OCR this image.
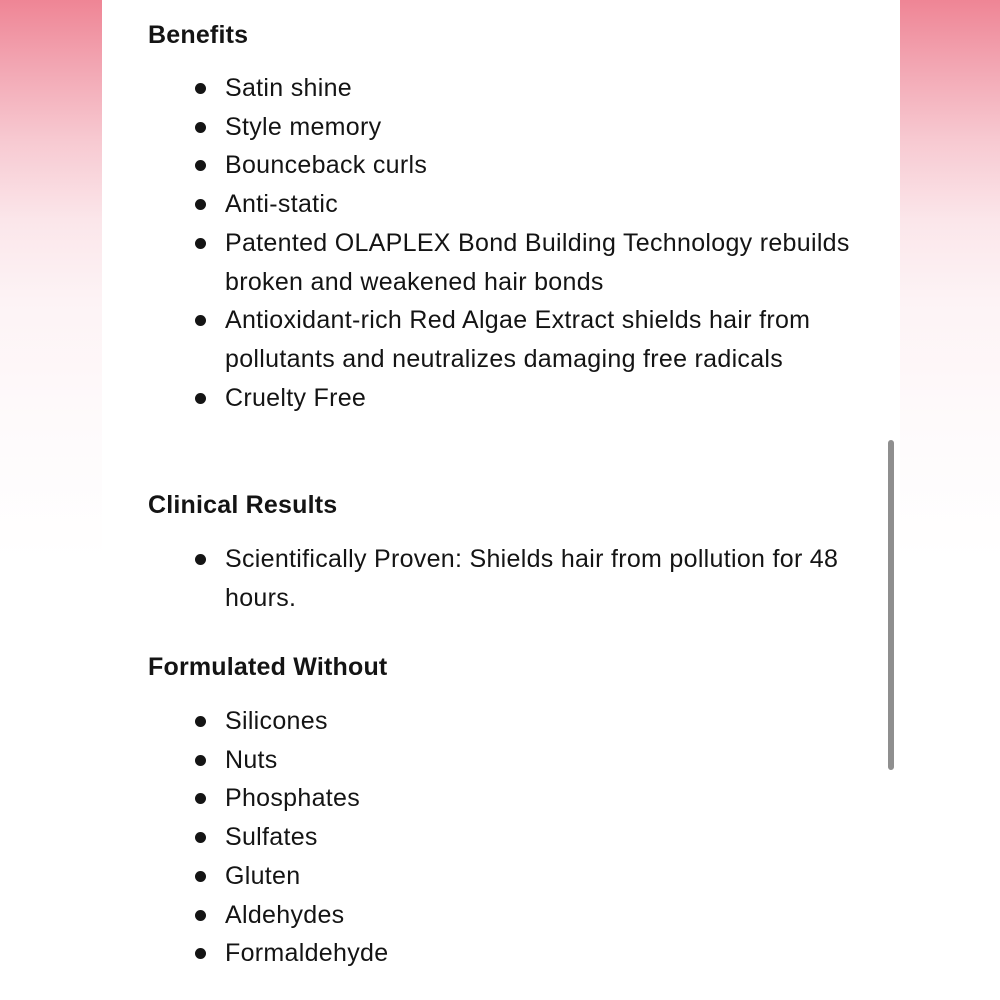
Benefits
Satin shine
Style memory
Bounceback curls
Anti-static
Patented OLAPLEX Bond Building Technology rebuilds broken and weakened hair bonds
Antioxidant-rich Red Algae Extract shields hair from pollutants and neutralizes damaging free radicals
Cruelty Free
Clinical Results
Scientifically Proven: Shields hair from pollution for 48 hours.
Formulated Without
Silicones
Nuts
Phosphates
Sulfates
Gluten
Aldehydes
Formaldehyde
